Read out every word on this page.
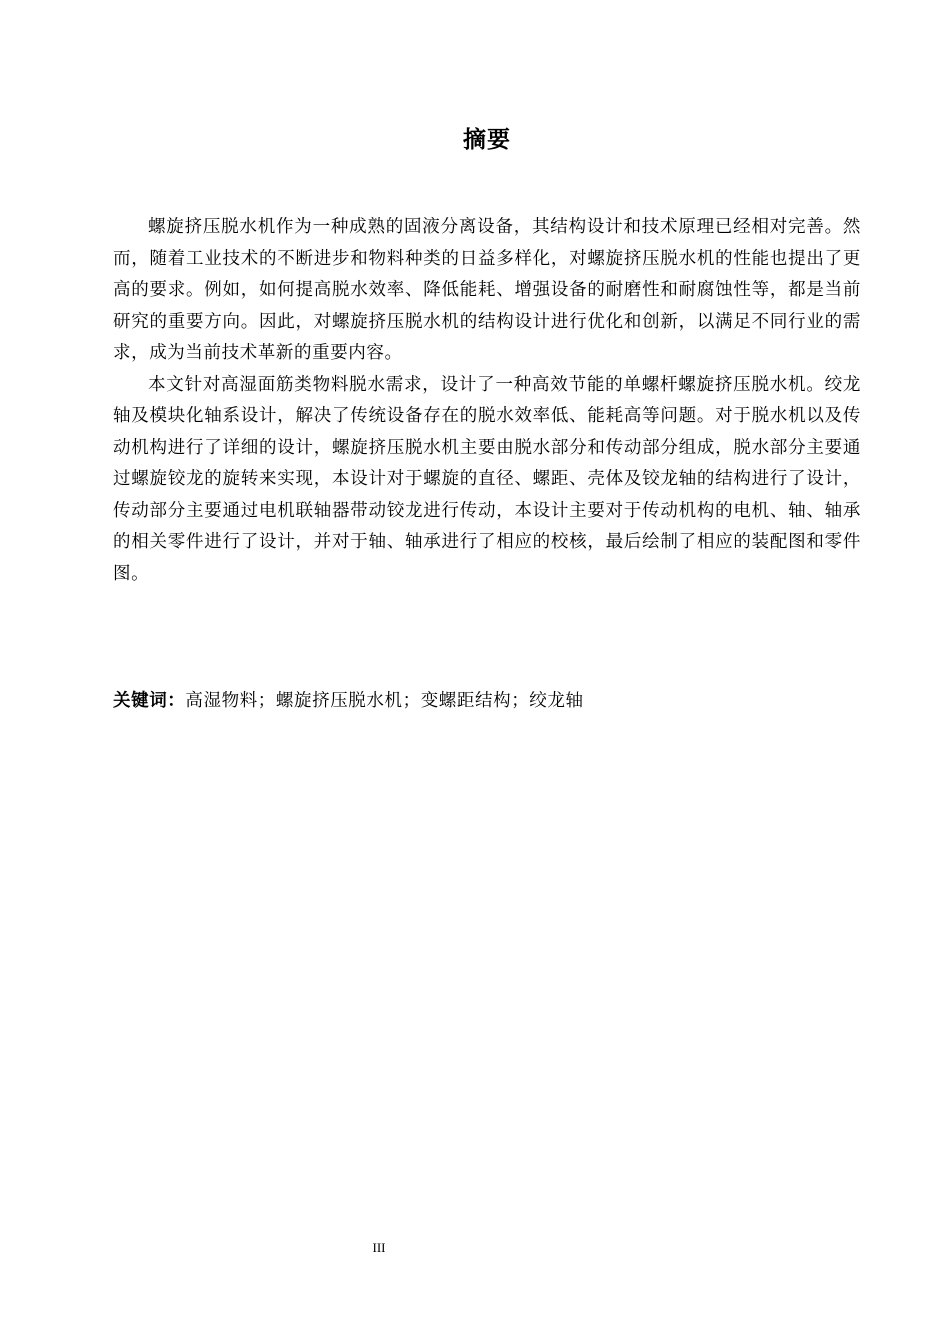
摘要

螺旋挤压脱水机作为一种成熟的固液分离设备，其结构设计和技术原理已经相对完善。然而，随着工业技术的不断进步和物料种类的日益多样化，对螺旋挤压脱水机的性能也提出了更高的要求。例如，如何提高脱水效率、降低能耗、增强设备的耐磨性和耐腐蚀性等，都是当前研究的重要方向。因此，对螺旋挤压脱水机的结构设计进行优化和创新，以满足不同行业的需求，成为当前技术革新的重要内容。

本文针对高湿面筋类物料脱水需求，设计了一种高效节能的单螺杆螺旋挤压脱水机。绞龙轴及模块化轴系设计，解决了传统设备存在的脱水效率低、能耗高等问题。对于脱水机以及传动机构进行了详细的设计，螺旋挤压脱水机主要由脱水部分和传动部分组成，脱水部分主要通过螺旋铰龙的旋转来实现，本设计对于螺旋的直径、螺距、壳体及铰龙轴的结构进行了设计，传动部分主要通过电机联轴器带动铰龙进行传动，本设计主要对于传动机构的电机、轴、轴承的相关零件进行了设计，并对于轴、轴承进行了相应的校核，最后绘制了相应的装配图和零件图。

关键词：高湿物料；螺旋挤压脱水机；变螺距结构；绞龙轴
III
